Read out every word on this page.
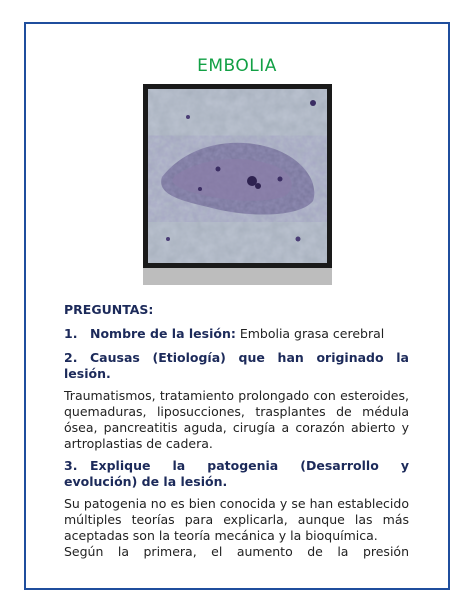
EMBOLIA
PREGUNTAS:
1. Nombre de la lesión: Embolia grasa cerebral
2. Causas (Etiología) que han originado la
lesión.

Traumatismos, tratamiento prolongado con esteroides, quemaduras, liposucciones, trasplantes de médula ósea, pancreatitis aguda, cirugía a corazón abierto y artroplastias de cadera.

3. Explique la patogenia (Desarrollo y
evolución) de la lesión.

Su patogenia no es bien conocida y se han establecido múltiples teorías para explicarla, aunque las más aceptadas son la teoría mecánica y la bioquímica.

Según la primera, el aumento de la presión
